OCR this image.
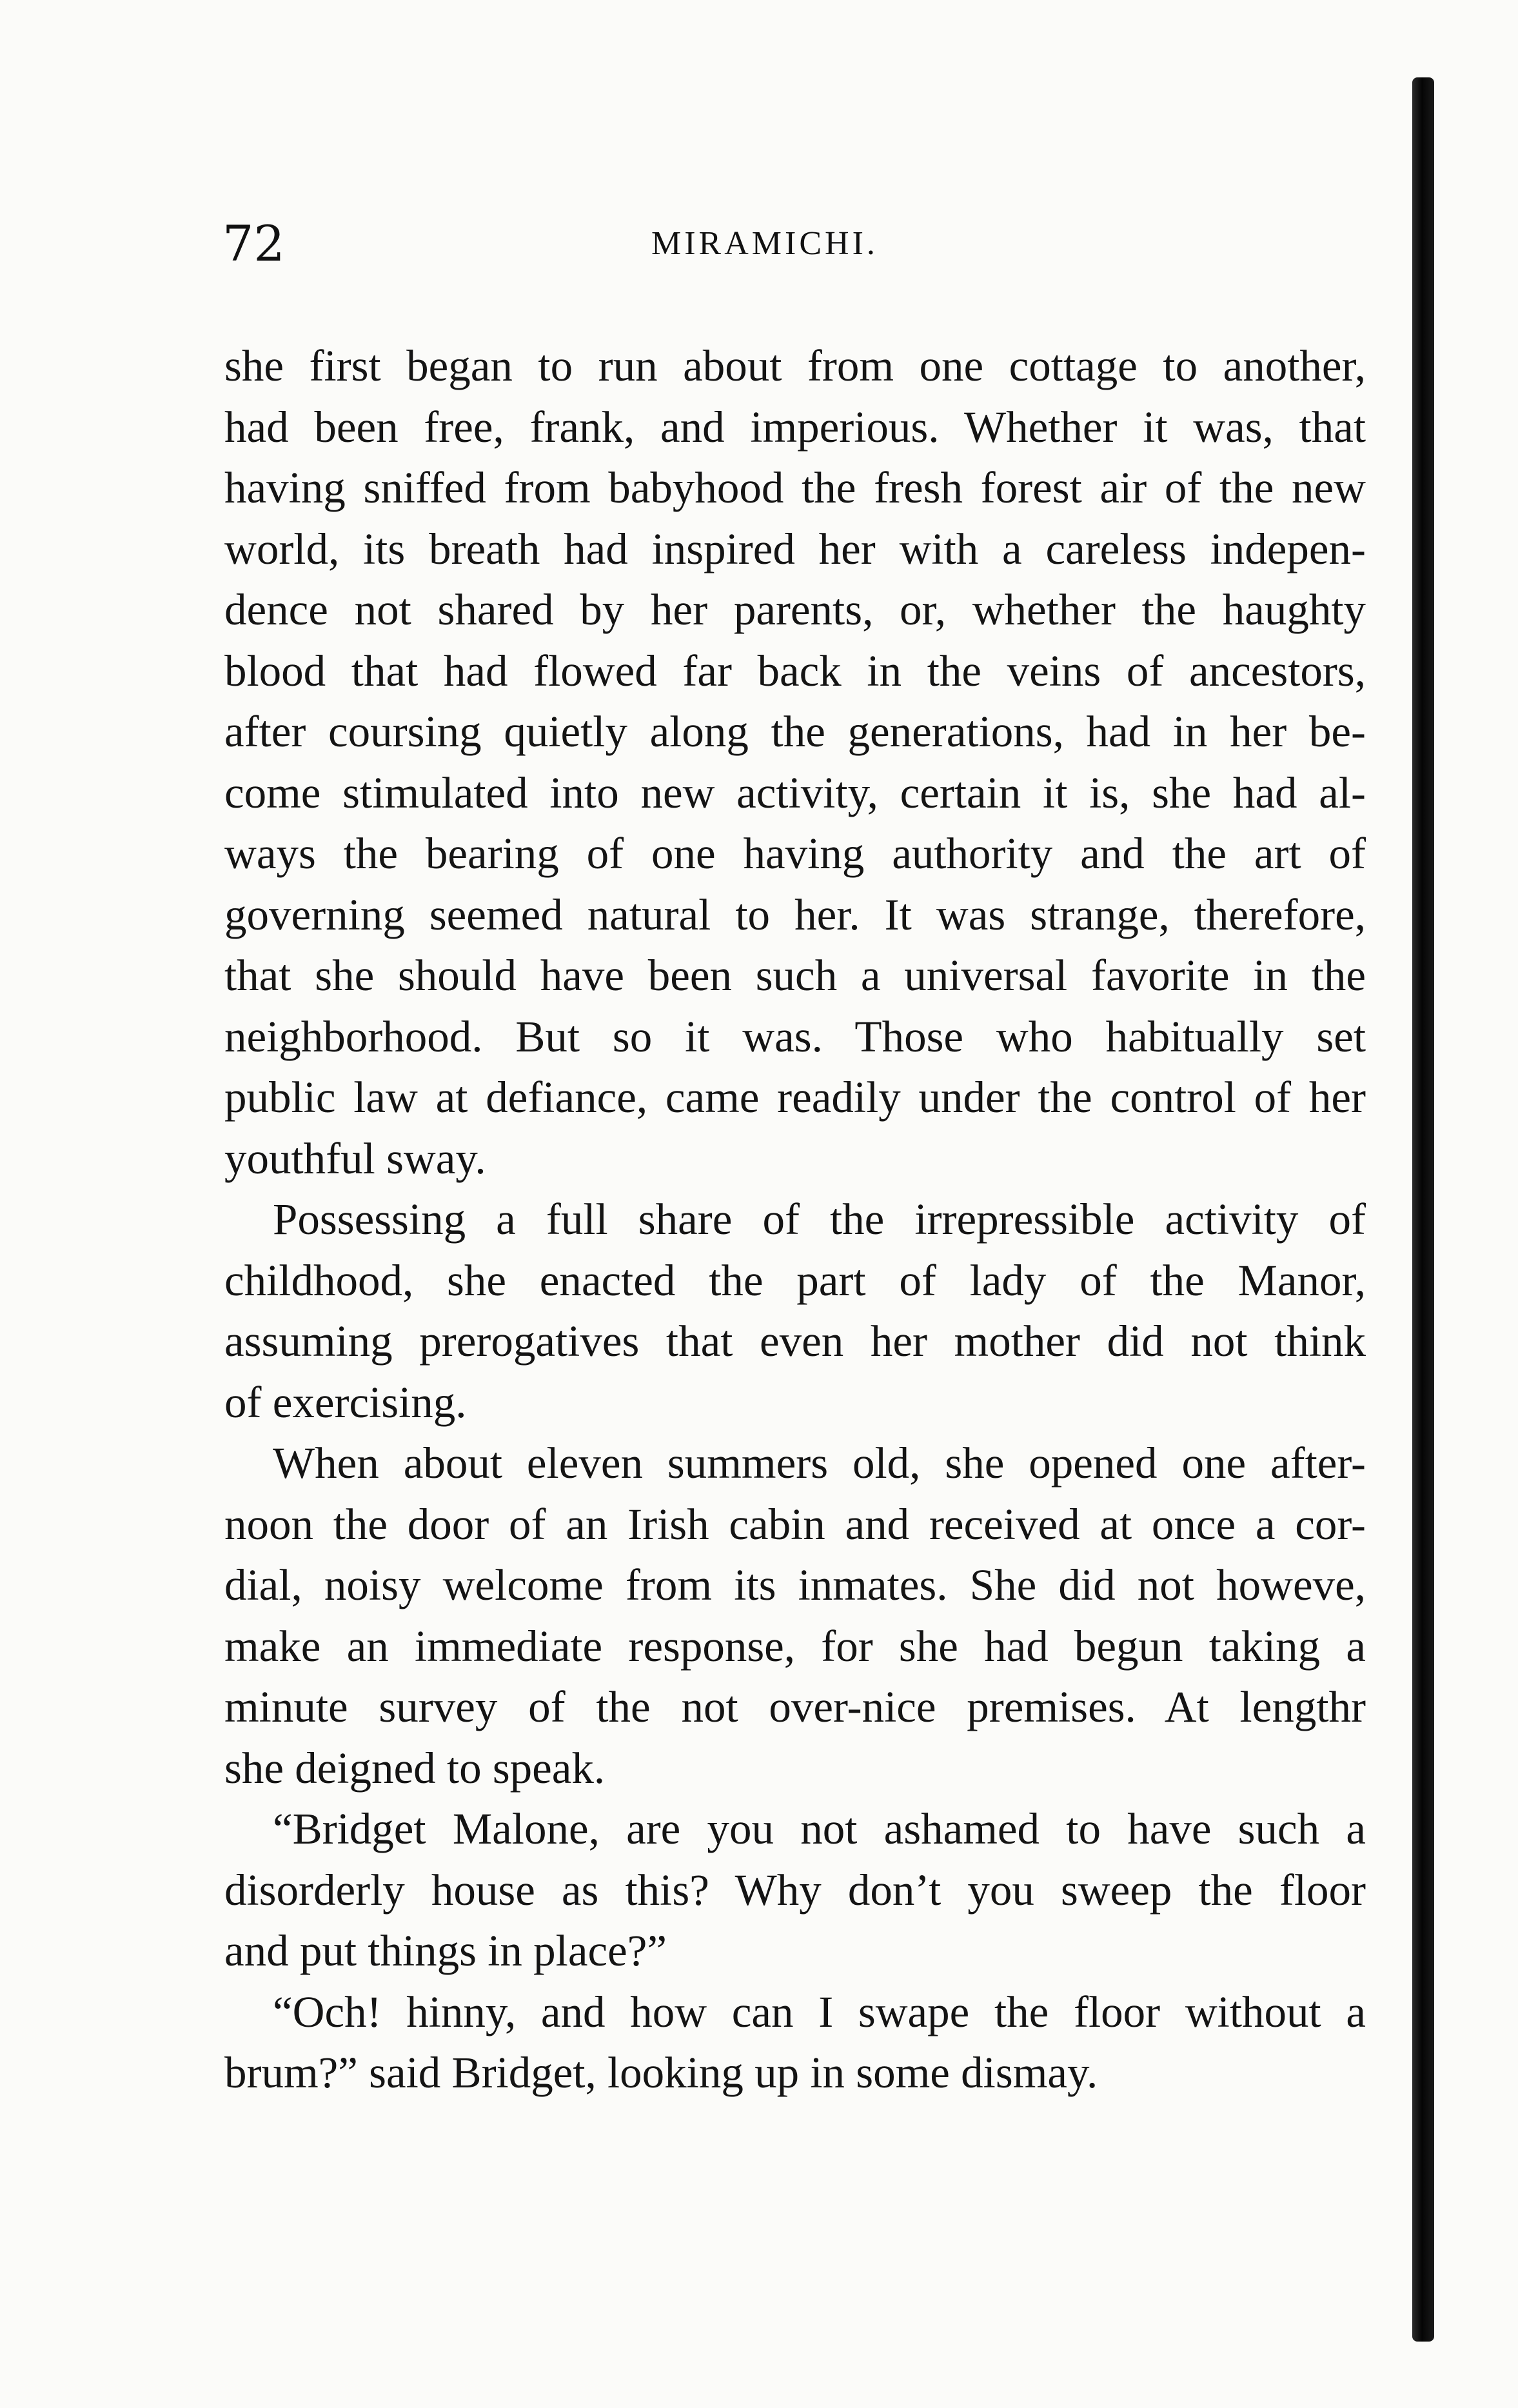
72	MIRAMICHI.
she first began to run about from one cottage to another,
had been free, frank, and imperious. Whether it was, that
having sniffed from babyhood the fresh forest air of the new
world, its breath had inspired her with a careless indepen-
dence not shared by her parents, or, whether the haughty
blood that had flowed far back in the veins of ancestors,
after coursing quietly along the generations, had in her be-
come stimulated into new activity, certain it is, she had al-
ways the bearing of one having authority and the art of
governing seemed natural to her. It was strange, therefore,
that she should have been such a universal favorite in the
neighborhood. But so it was. Those who habitually set
public law at defiance, came readily under the control of her
youthful sway.
Possessing a full share of the irrepressible activity of
childhood, she enacted the part of lady of the Manor,
assuming prerogatives that even her mother did not think
of exercising.
When about eleven summers old, she opened one after-
noon the door of an Irish cabin and received at once a cor-
dial, noisy welcome from its inmates. She did not howeve,
make an immediate response, for she had begun taking a
minute survey of the not over-nice premises. At lengthr
she deigned to speak.
“Bridget Malone, are you not ashamed to have such a
disorderly house as this? Why don’t you sweep the floor
and put things in place?”
“Och! hinny, and how can I swape the floor without a
brum?” said Bridget, looking up in some dismay.
